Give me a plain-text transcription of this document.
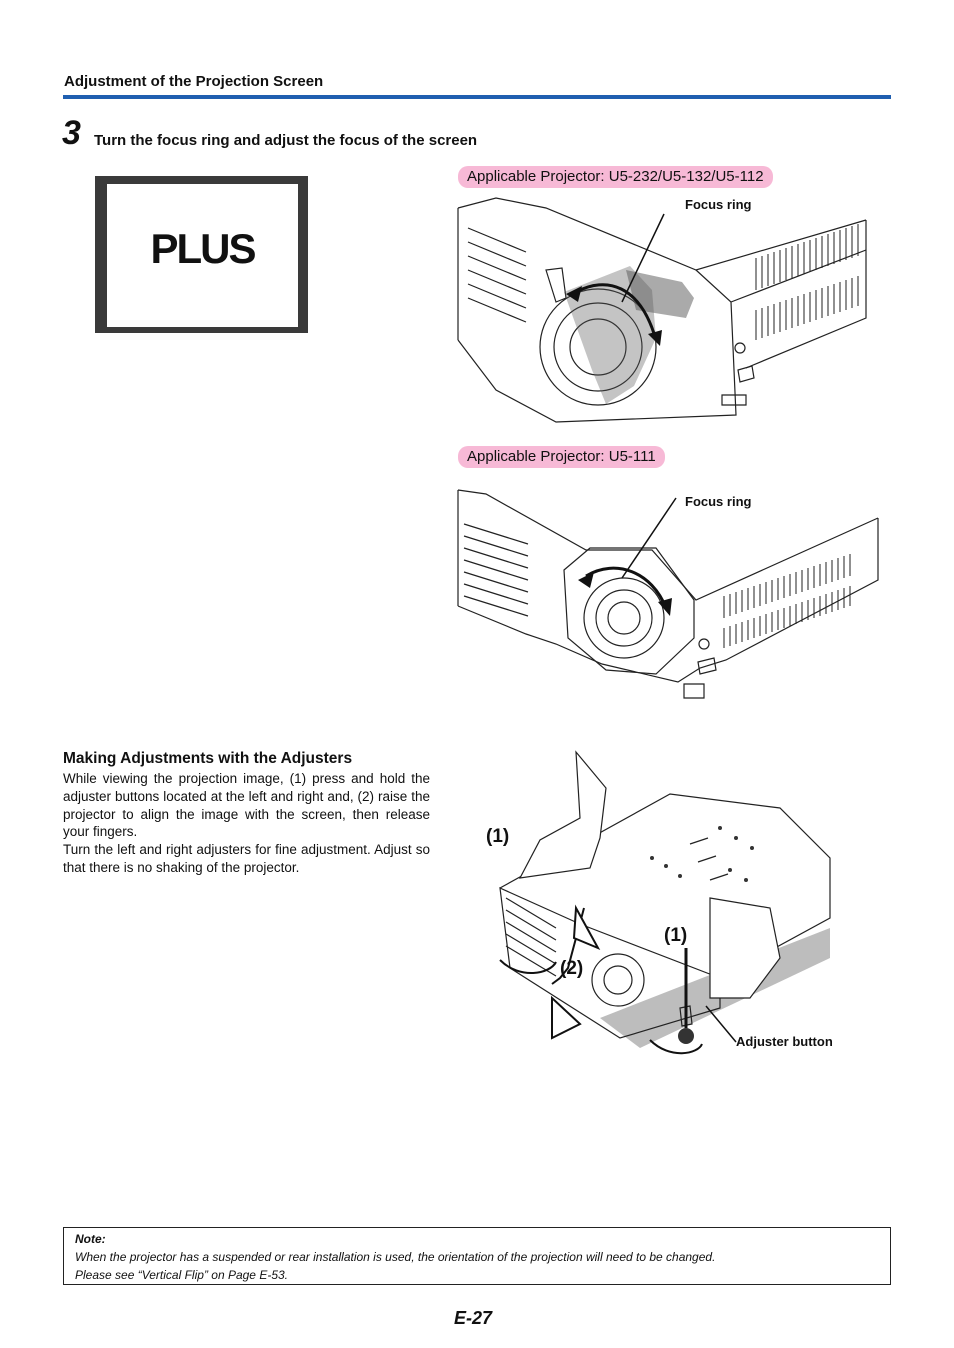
Adjustment of the Projection Screen
3 Turn the focus ring and adjust the focus of the screen
PLUS
Applicable Projector: U5-232/U5-132/U5-112
Focus ring
Applicable Projector: U5-111
Focus ring
Making Adjustments with the Adjusters

While viewing the projection image, (1) press and hold the adjuster buttons located at the left and right and, (2) raise the projector to align the image with the screen, then release your fingers.

Turn the left and right adjusters for fine adjustment. Adjust so that there is no shaking of the projector.

(1)
(1)
(2)
Adjuster button
Note:
When the projector has a suspended or rear installation is used, the orientation of the projection will need to be changed.
Please see “Vertical Flip” on Page E-53.
E-27
